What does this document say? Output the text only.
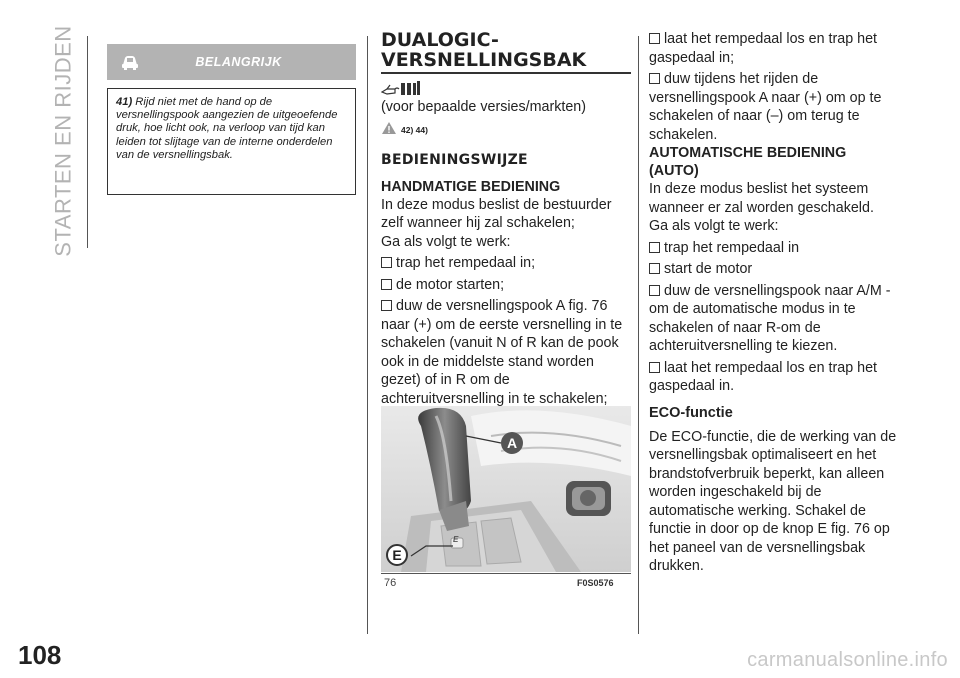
STARTEN EN RIJDEN
108
BELANGRIJK

41) Rijd niet met de hand op de versnellingspook aangezien de uitgeoefende druk, hoe licht ook, na verloop van tijd kan leiden tot slijtage van de interne onderdelen van de versnellingsbak.

DUALOGIC-
VERSNELLINGSBAK
(voor bepaalde versies/markten)
42) 44)
BEDIENINGSWIJZE
HANDMATIGE BEDIENING
In deze modus beslist de bestuurder zelf wanneer hij zal schakelen;
Ga als volgt te werk:
trap het rempedaal in;
de motor starten;
duw de versnellingspook A fig. 76 naar (+) om de eerste versnelling in te schakelen (vanuit N of R kan de pook ook in de middelste stand worden gezet) of in R om de achteruitversnelling in te schakelen;
A
E
E
76	F0S0576
laat het rempedaal los en trap het gaspedaal in;
duw tijdens het rijden de versnellingspook A naar (+) om op te schakelen of naar (–) om terug te schakelen.
AUTOMATISCHE BEDIENING (AUTO)
In deze modus beslist het systeem wanneer er zal worden geschakeld.
Ga als volgt te werk:
trap het rempedaal in
start de motor
duw de versnellingspook naar A/M -om de automatische modus in te schakelen of naar R-om de achteruitversnelling te kiezen.
laat het rempedaal los en trap het gaspedaal in.
ECO-functie
De ECO-functie, die de werking van de versnellingsbak optimaliseert en het brandstofverbruik beperkt, kan alleen worden ingeschakeld bij de automatische werking. Schakel de functie in door op de knop E fig. 76 op het paneel van de versnellingsbak drukken.
carmanualsonline.info
